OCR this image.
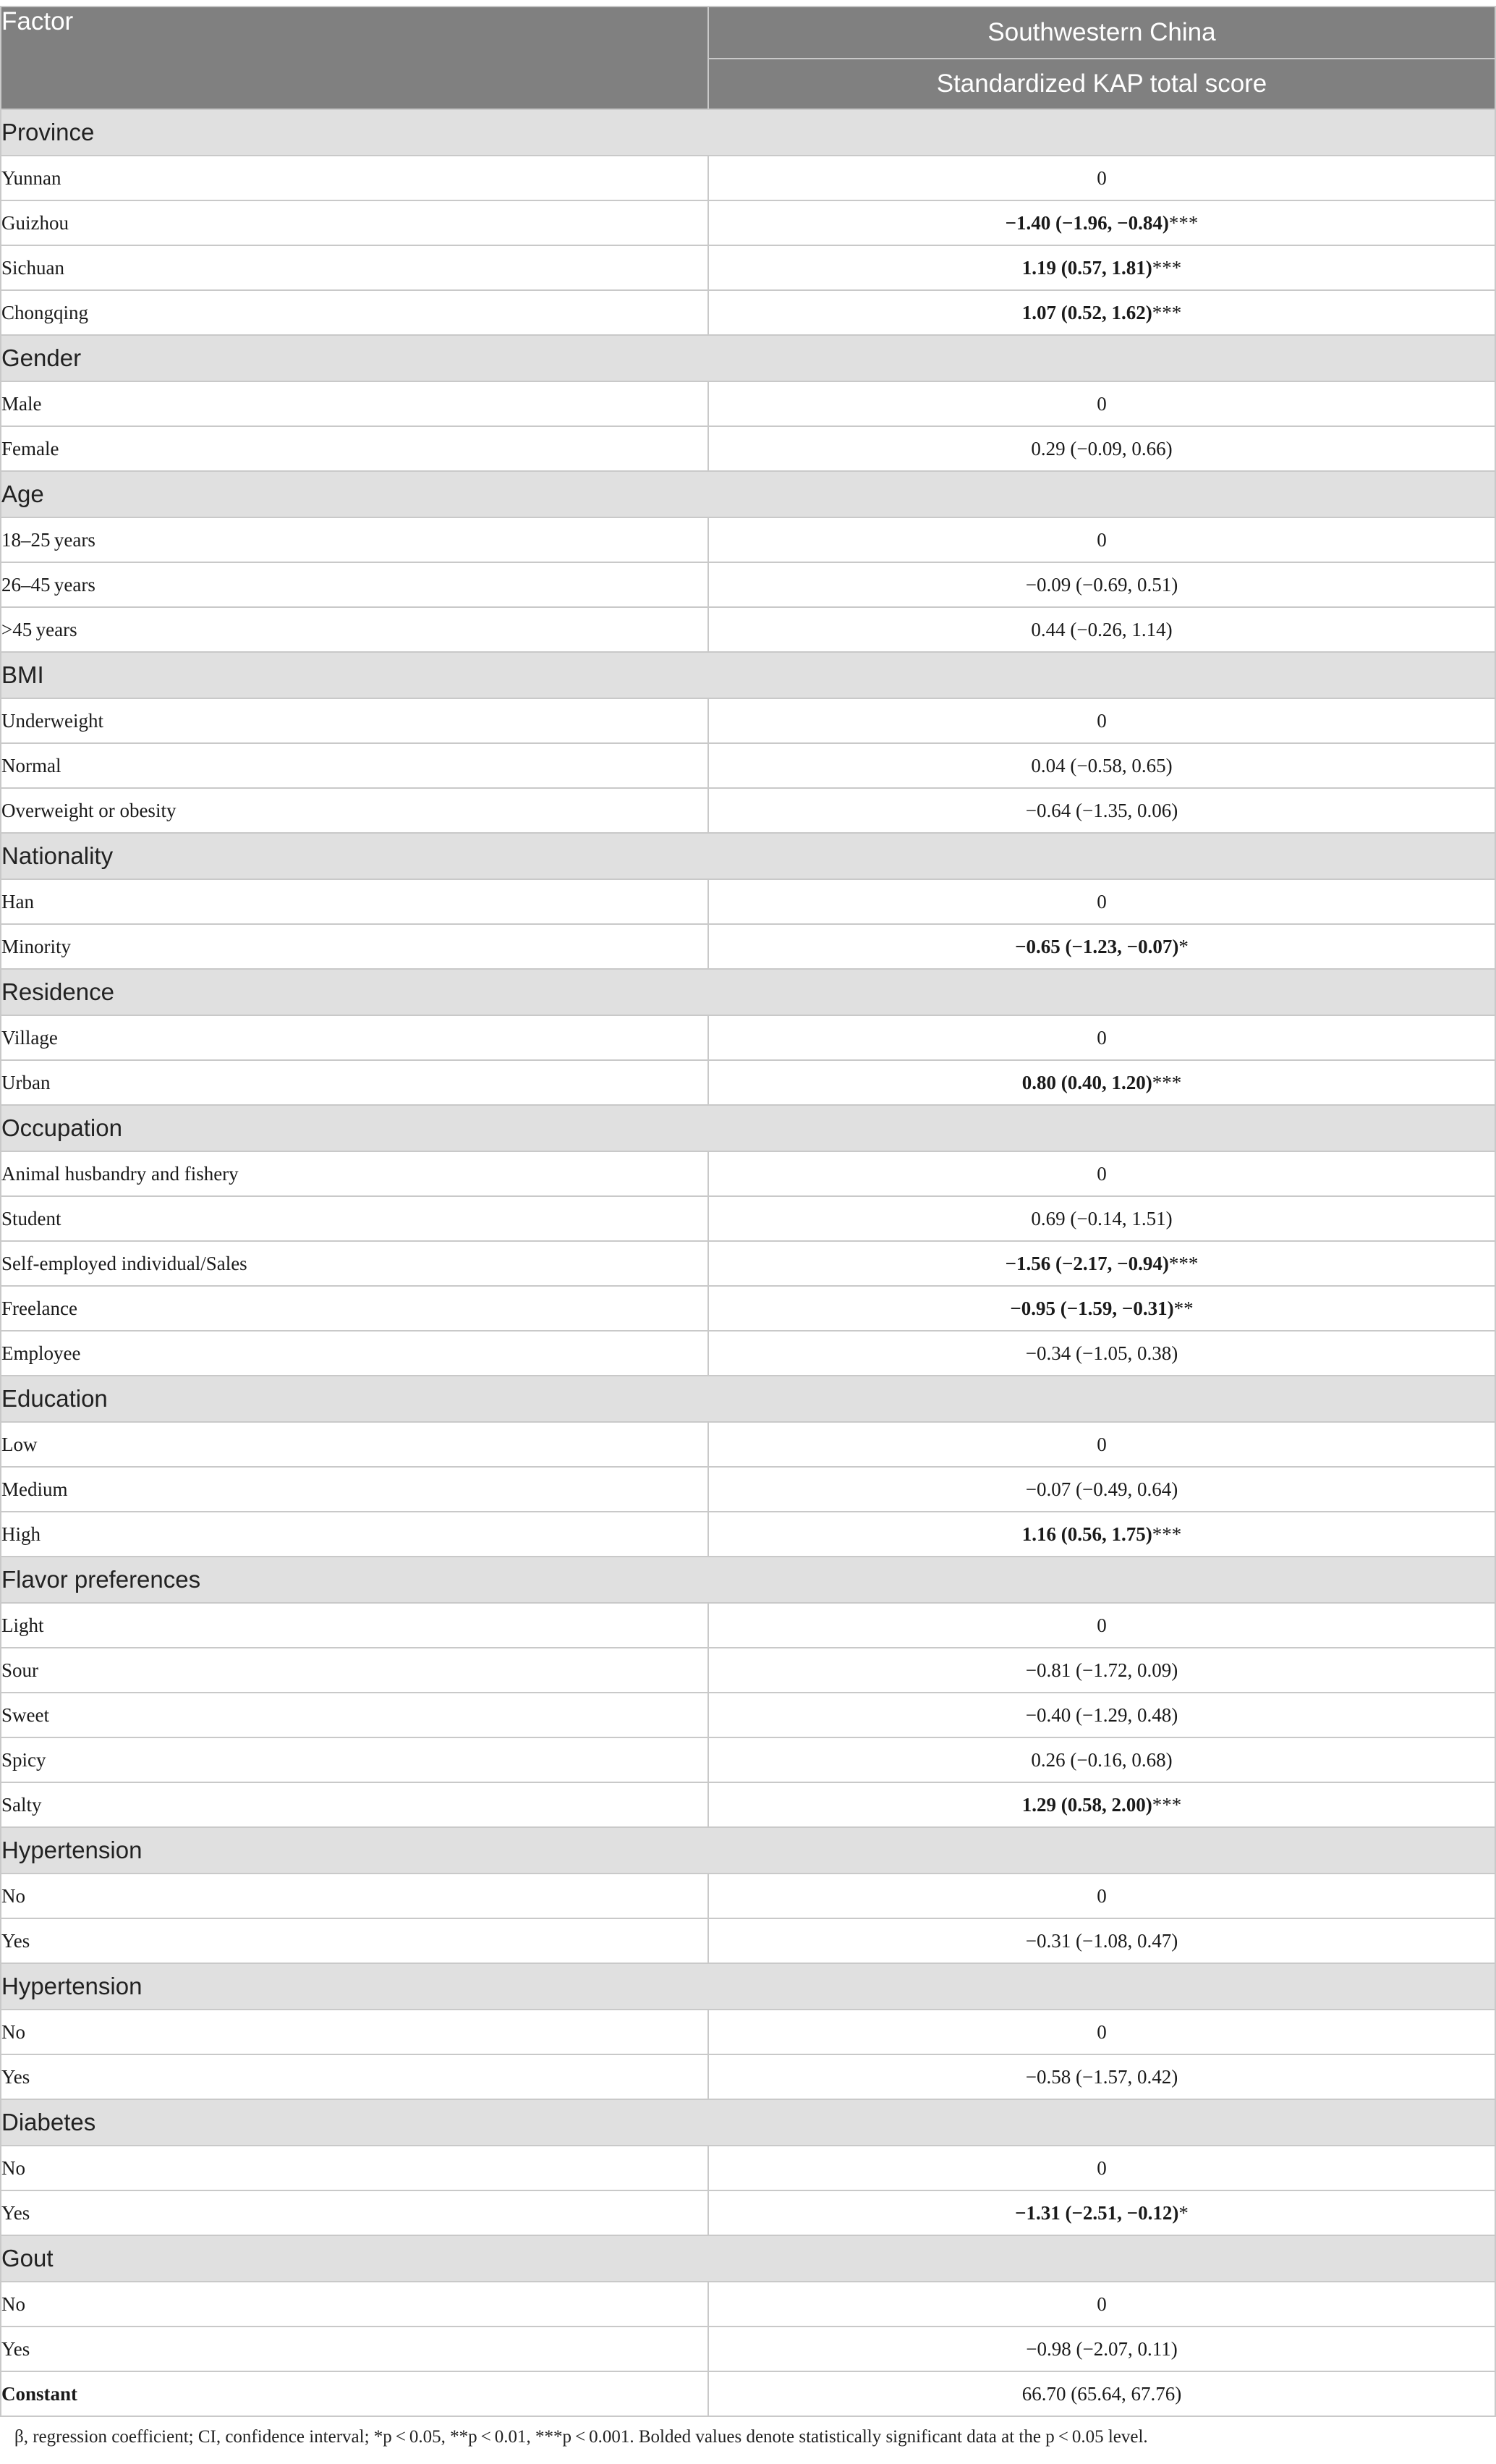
Factor	Southwestern China
	Standardized KAP total score
Province	
Yunnan	0
Guizhou	−1.40 (−1.96, −0.84)***
Sichuan	1.19 (0.57, 1.81)***
Chongqing	1.07 (0.52, 1.62)***
Gender	
Male	0
Female	0.29 (−0.09, 0.66)
Age	
18–25 years	0
26–45 years	−0.09 (−0.69, 0.51)
>45 years	0.44 (−0.26, 1.14)
BMI	
Underweight	0
Normal	0.04 (−0.58, 0.65)
Overweight or obesity	−0.64 (−1.35, 0.06)
Nationality	
Han	0
Minority	−0.65 (−1.23, −0.07)*
Residence	
Village	0
Urban	0.80 (0.40, 1.20)***
Occupation	
Animal husbandry and fishery	0
Student	0.69 (−0.14, 1.51)
Self-employed individual/Sales	−1.56 (−2.17, −0.94)***
Freelance	−0.95 (−1.59, −0.31)**
Employee	−0.34 (−1.05, 0.38)
Education	
Low	0
Medium	−0.07 (−0.49, 0.64)
High	1.16 (0.56, 1.75)***
Flavor preferences	
Light	0
Sour	−0.81 (−1.72, 0.09)
Sweet	−0.40 (−1.29, 0.48)
Spicy	0.26 (−0.16, 0.68)
Salty	1.29 (0.58, 2.00)***
Hypertension	
No	0
Yes	−0.31 (−1.08, 0.47)
Hypertension	
No	0
Yes	−0.58 (−1.57, 0.42)
Diabetes	
No	0
Yes	−1.31 (−2.51, −0.12)*
Gout	
No	0
Yes	−0.98 (−2.07, 0.11)
Constant	66.70 (65.64, 67.76)
β, regression coefficient; CI, confidence interval; *p < 0.05, **p < 0.01, ***p < 0.001. Bolded values denote statistically significant data at the p < 0.05 level.
